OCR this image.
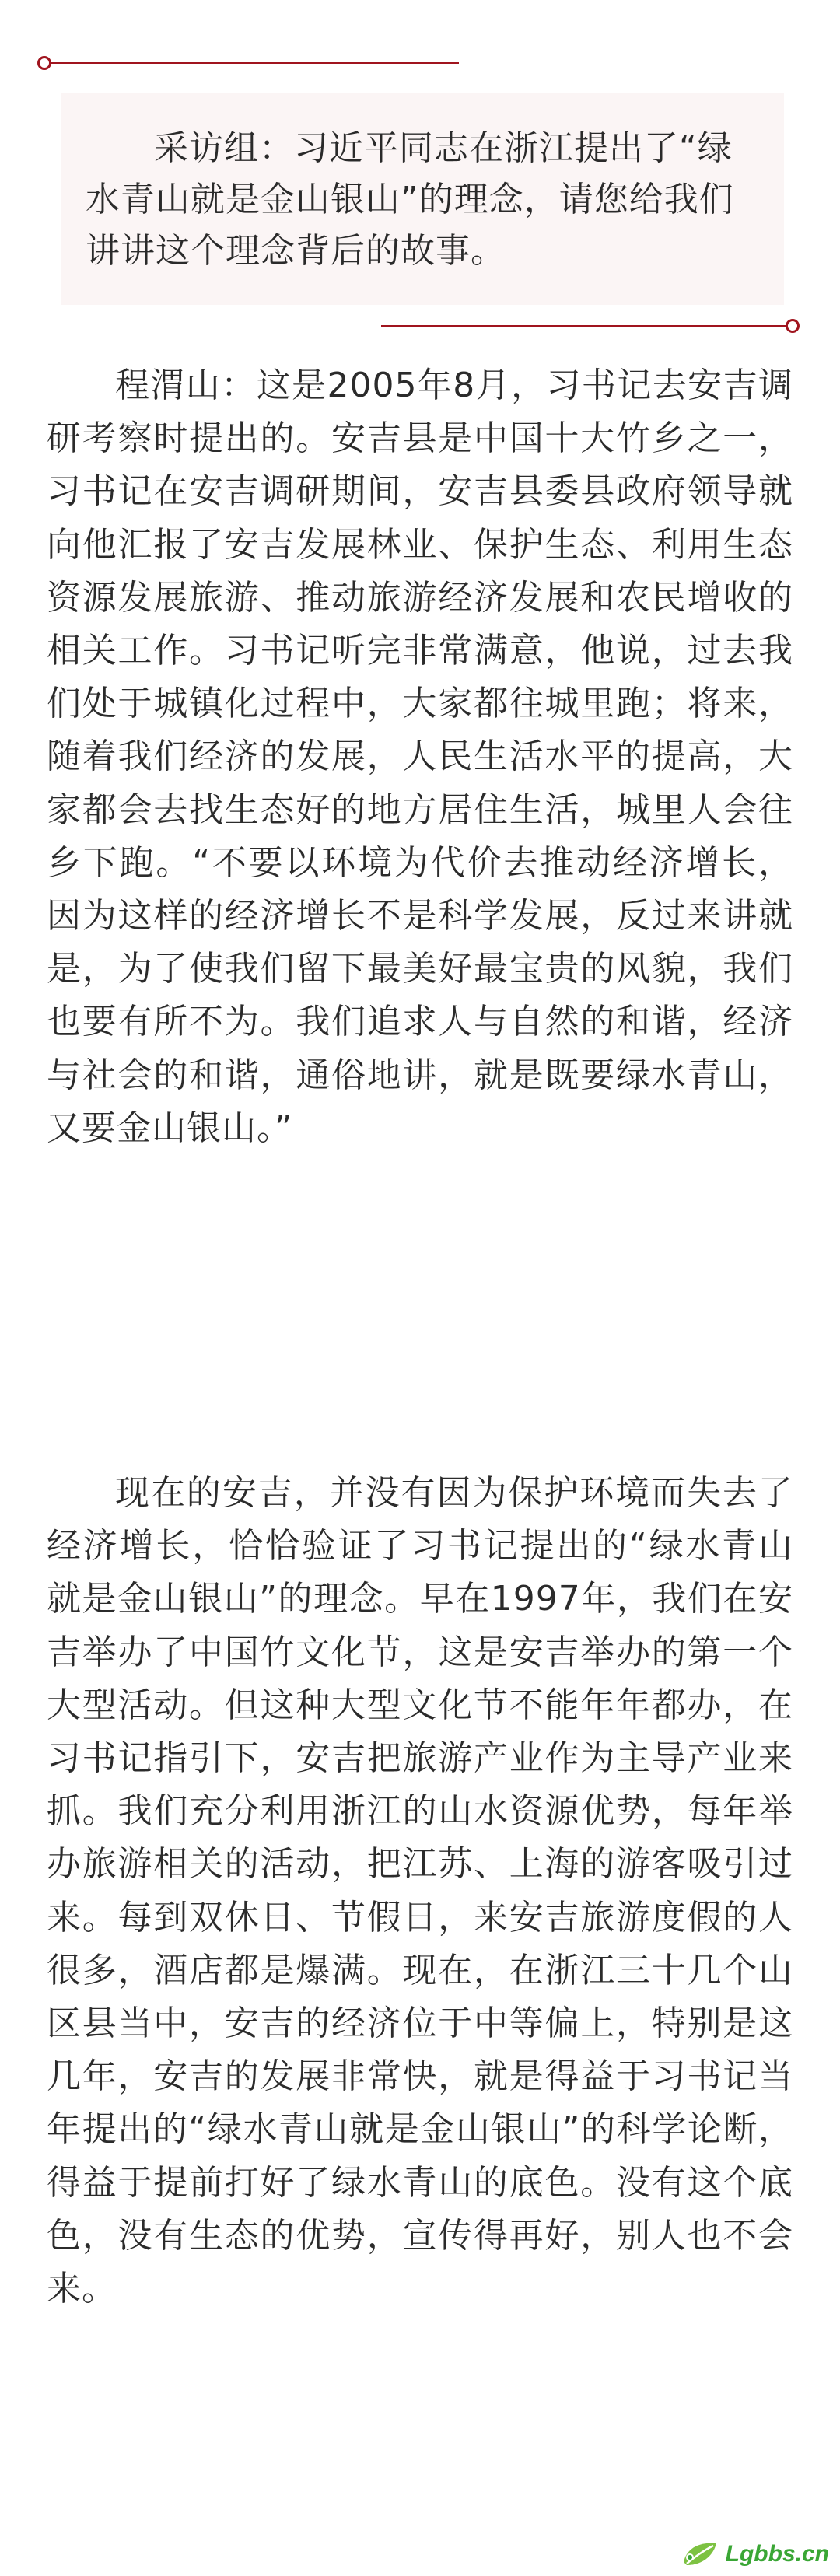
采访组：习近平同志在浙江提出了“绿水青山就是金山银山”的理念，请您给我们讲讲这个理念背后的故事。

程渭山：这是2005年8月，习书记去安吉调研考察时提出的。安吉县是中国十大竹乡之一，习书记在安吉调研期间，安吉县委县政府领导就向他汇报了安吉发展林业、保护生态、利用生态资源发展旅游、推动旅游经济发展和农民增收的相关工作。习书记听完非常满意，他说，过去我们处于城镇化过程中，大家都往城里跑；将来，随着我们经济的发展，人民生活水平的提高，大家都会去找生态好的地方居住生活，城里人会往乡下跑。“不要以环境为代价去推动经济增长，因为这样的经济增长不是科学发展，反过来讲就是，为了使我们留下最美好最宝贵的风貌，我们也要有所不为。我们追求人与自然的和谐，经济与社会的和谐，通俗地讲，就是既要绿水青山，又要金山银山。”

现在的安吉，并没有因为保护环境而失去了经济增长，恰恰验证了习书记提出的“绿水青山就是金山银山”的理念。早在1997年，我们在安吉举办了中国竹文化节，这是安吉举办的第一个大型活动。但这种大型文化节不能年年都办，在习书记指引下，安吉把旅游产业作为主导产业来抓。我们充分利用浙江的山水资源优势，每年举办旅游相关的活动，把江苏、上海的游客吸引过来。每到双休日、节假日，来安吉旅游度假的人很多，酒店都是爆满。现在，在浙江三十几个山区县当中，安吉的经济位于中等偏上，特别是这几年，安吉的发展非常快，就是得益于习书记当年提出的“绿水青山就是金山银山”的科学论断，得益于提前打好了绿水青山的底色。没有这个底色，没有生态的优势，宣传得再好，别人也不会来。

Lgbbs.cn
